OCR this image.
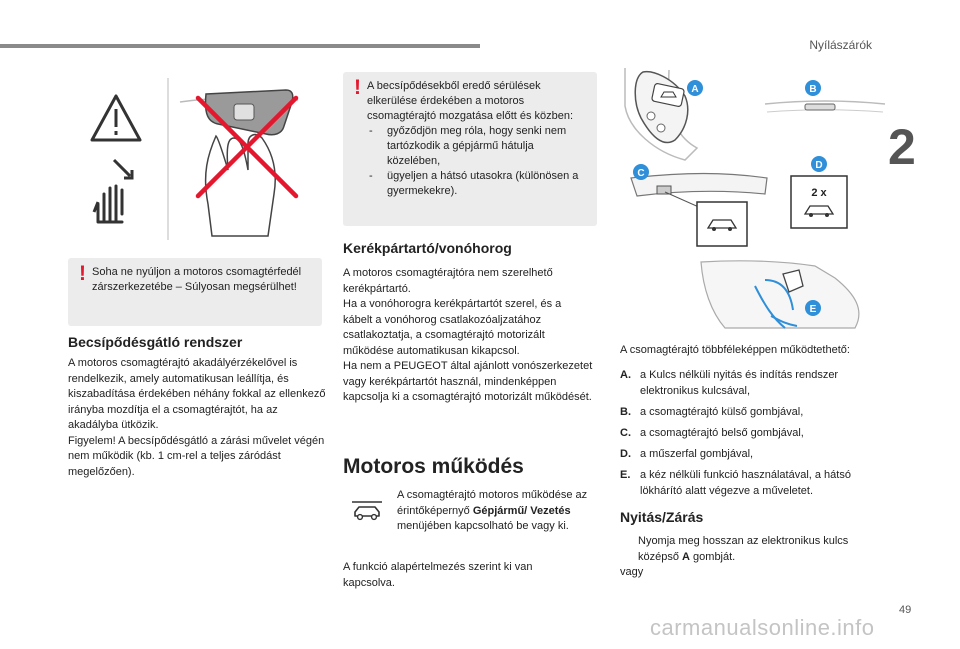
Nyílászárók
2
49
carmanualsonline.info
! Soha ne nyúljon a motoros csomagtérfedél zárszerkezetébe – Súlyosan megsérülhet!
Becsípődésgátló rendszer

A motoros csomagtérajtó akadályérzékelővel is rendelkezik, amely automatikusan leállítja, és kiszabadítása érdekében néhány fokkal az ellenkező irányba mozdítja el a csomagtérajtót, ha az akadályba ütközik.

Figyelem! A becsípődésgátló a zárási művelet végén nem működik (kb. 1 cm-rel a teljes záródást megelőzően).

! A becsípődésekből eredő sérülések elkerülése érdekében a motoros csomagtérajtó mozgatása előtt és közben:
- győződjön meg róla, hogy senki nem tartózkodik a gépjármű hátulja közelében,
- ügyeljen a hátsó utasokra (különösen a gyermekekre).
Kerékpártartó/vonóhorog

A motoros csomagtérajtóra nem szerelhető kerékpártartó.

Ha a vonóhorogra kerékpártartót szerel, és a kábelt a vonóhorog csatlakozóaljzatához csatlakoztatja, a csomagtérajtó motorizált működése automatikusan kikapcsol.

Ha nem a PEUGEOT által ajánlott vonószerkezetet vagy kerékpártartót használ, mindenképpen kapcsolja ki a csomagtérajtó motorizált működését.

Motoros működés
A csomagtérajtó motoros működése az érintőképernyő Gépjármű/ Vezetés menüjében kapcsolható be vagy ki.
A funkció alapértelmezés szerint ki van kapcsolva.
A	B
C
2 x
D
E
A csomagtérajtó többféleképpen működtethető:
A. a Kulcs nélküli nyitás és indítás rendszer elektronikus kulcsával,
B. a csomagtérajtó külső gombjával,
C. a csomagtérajtó belső gombjával,
D. a műszerfal gombjával,
E. a kéz nélküli funkció használatával, a hátsó lökhárító alatt végezve a műveletet.
Nyitás/Zárás
Nyomja meg hosszan az elektronikus kulcs középső A gombját.
vagy
